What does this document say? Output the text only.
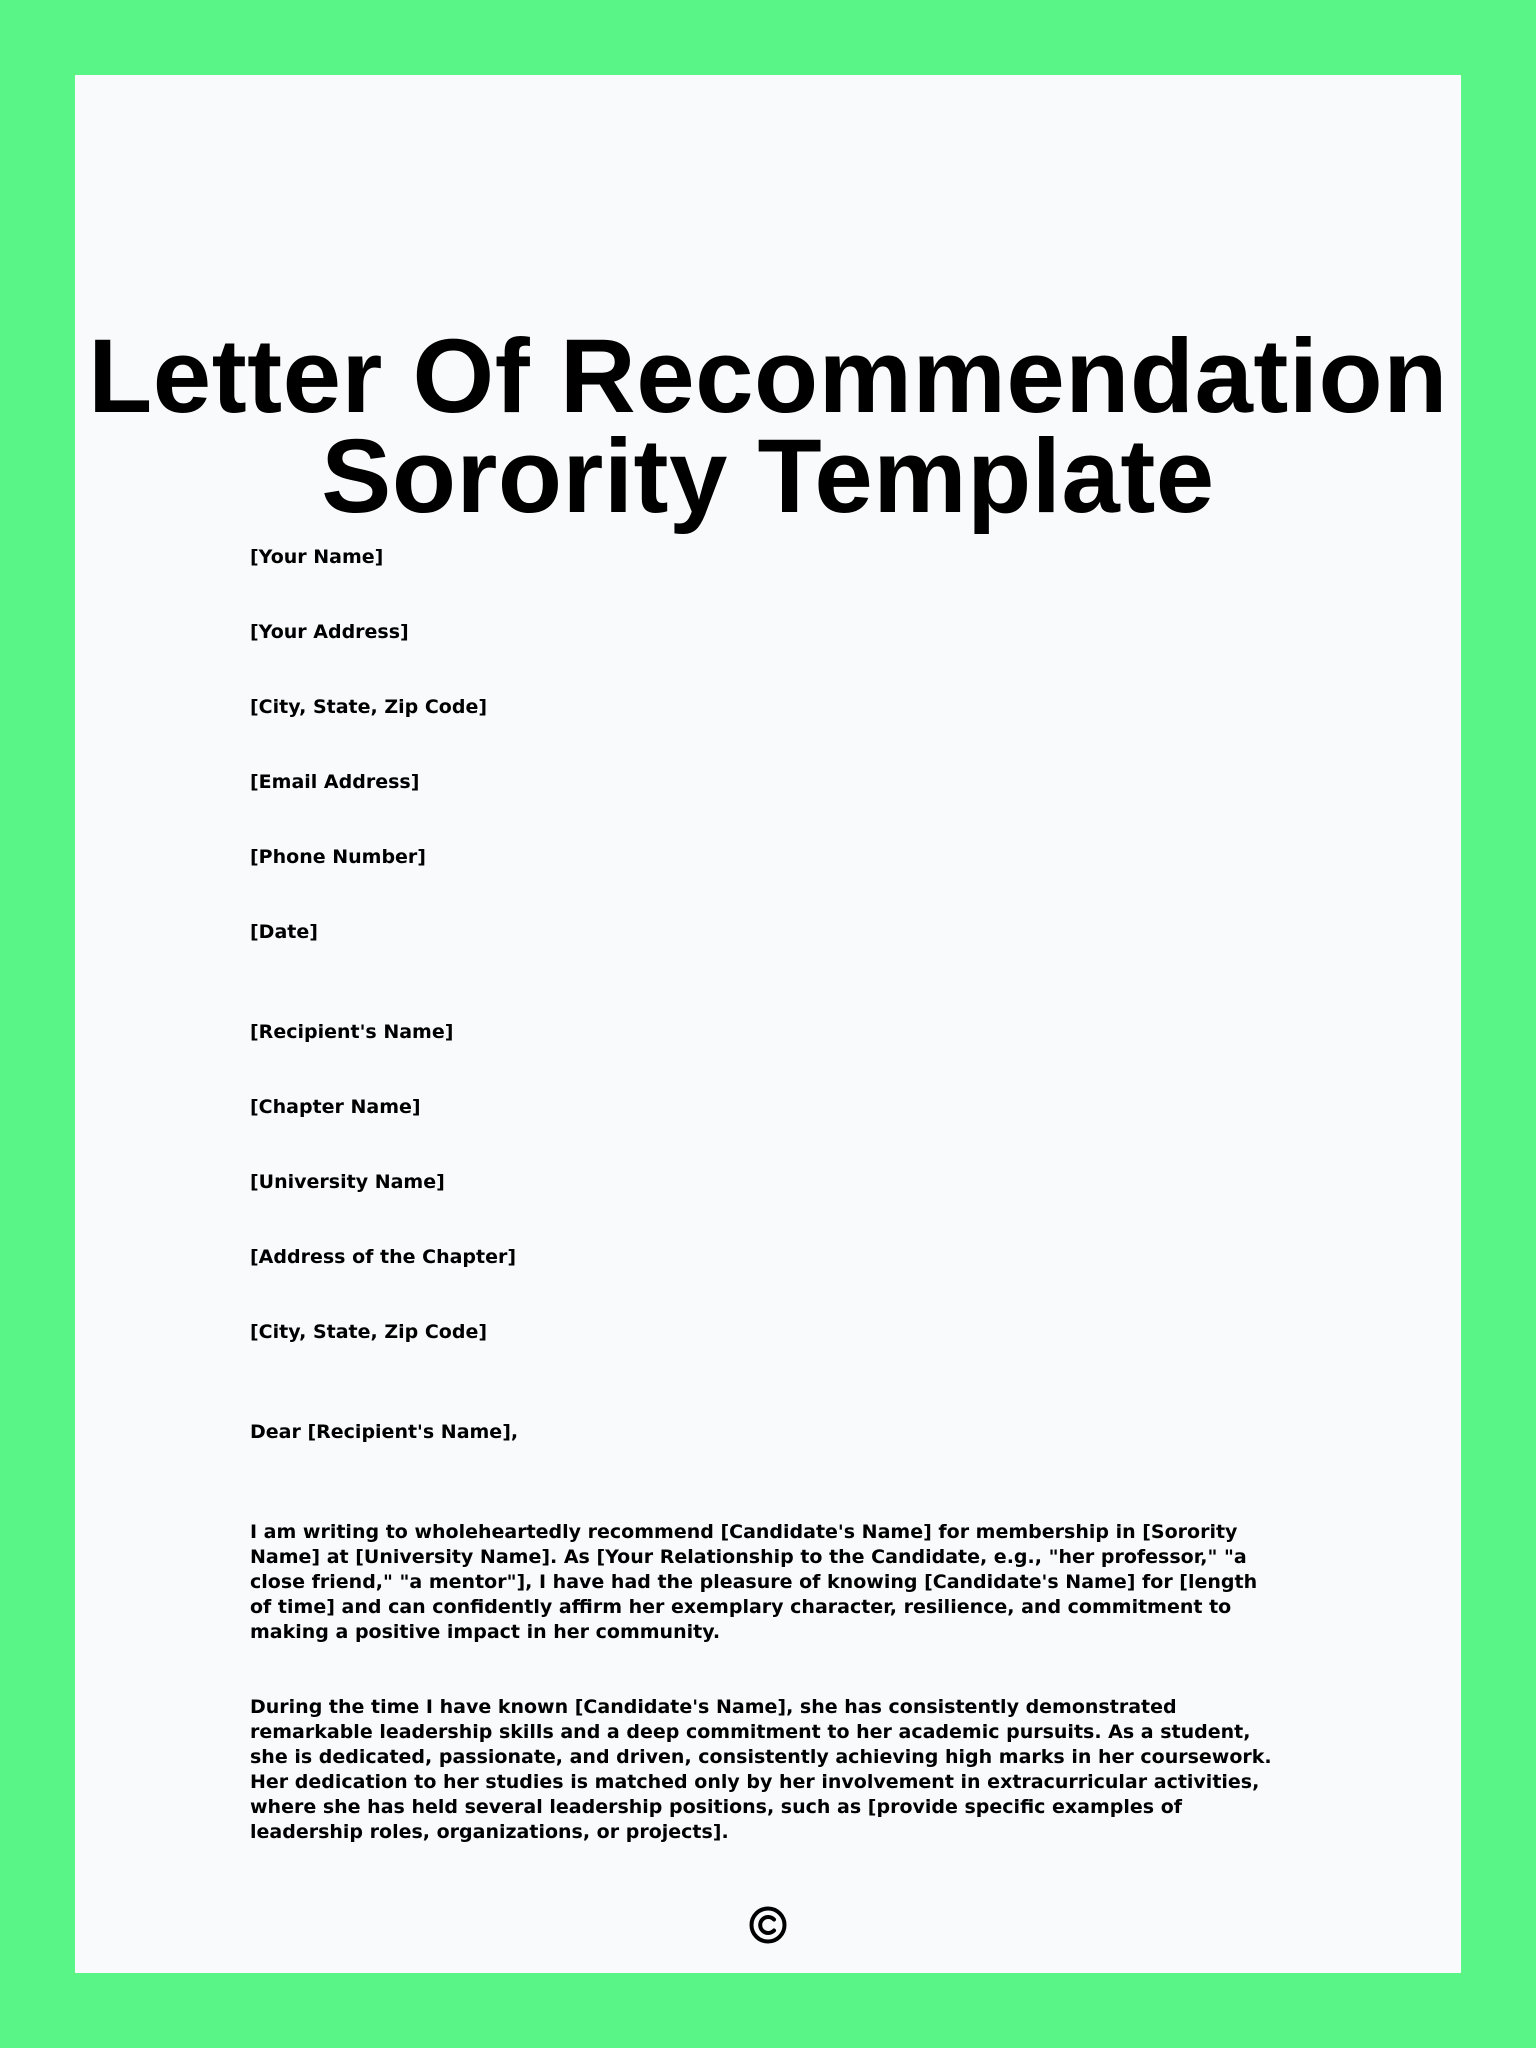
Letter Of Recommendation
Sorority Template
[Your Name]
[Your Address]
[City, State, Zip Code]
[Email Address]
[Phone Number]
[Date]
[Recipient's Name]
[Chapter Name]
[University Name]
[Address of the Chapter]
[City, State, Zip Code]
Dear [Recipient's Name],
I am writing to wholeheartedly recommend [Candidate's Name] for membership in [Sorority Name] at [University Name]. As [Your Relationship to the Candidate, e.g., "her professor," "a close friend," "a mentor"], I have had the pleasure of knowing [Candidate's Name] for [length of time] and can confidently affirm her exemplary character, resilience, and commitment to making a positive impact in her community.
During the time I have known [Candidate's Name], she has consistently demonstrated remarkable leadership skills and a deep commitment to her academic pursuits. As a student, she is dedicated, passionate, and driven, consistently achieving high marks in her coursework. Her dedication to her studies is matched only by her involvement in extracurricular activities, where she has held several leadership positions, such as [provide specific examples of leadership roles, organizations, or projects].
